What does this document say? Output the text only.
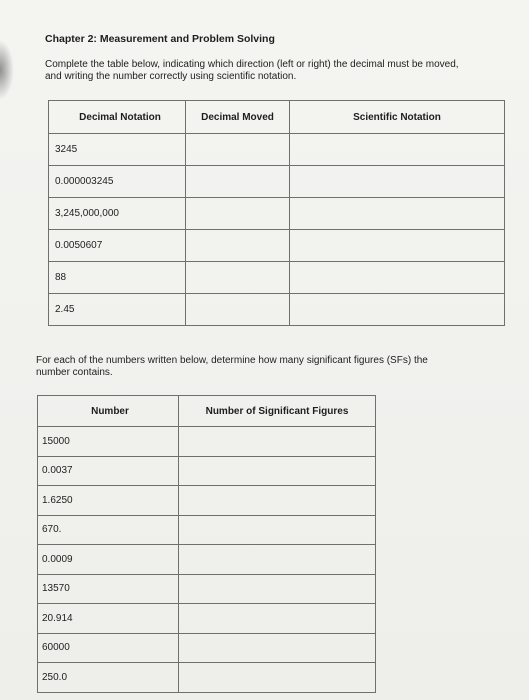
Chapter 2: Measurement and Problem Solving
Complete the table below, indicating which direction (left or right) the decimal must be moved,
and writing the number correctly using scientific notation.
Decimal Notation	Decimal Moved	Scientific Notation
3245		
0.000003245		
3,245,000,000		
0.0050607		
88		
2.45		
For each of the numbers written below, determine how many significant figures (SFs) the
number contains.
Number	Number of Significant Figures
15000	
0.0037	
1.6250	
670.	
0.0009	
13570	
20.914	
60000	
250.0	
